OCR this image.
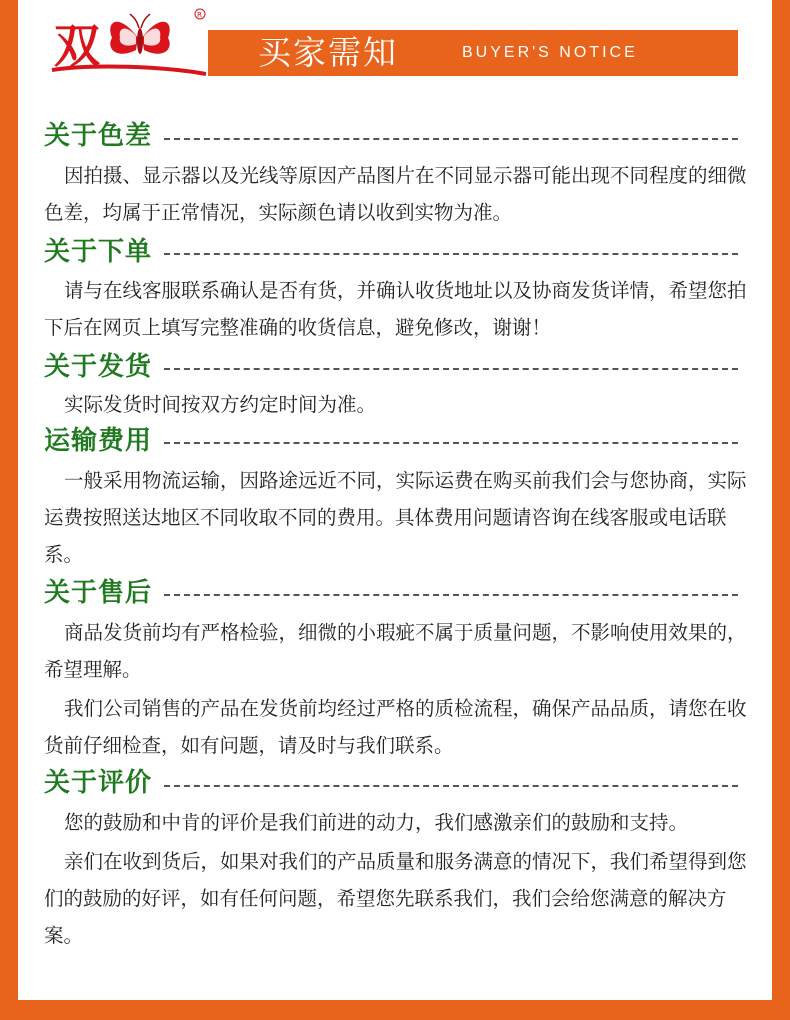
双
R
买家需知	BUYER'S NOTICE
关于色差

因拍摄、显示器以及光线等原因产品图片在不同显示器可能出现不同程度的细微色差，均属于正常情况，实际颜色请以收到实物为准。

关于下单

请与在线客服联系确认是否有货，并确认收货地址以及协商发货详情，希望您拍下后在网页上填写完整准确的收货信息，避免修改，谢谢！

关于发货

实际发货时间按双方约定时间为准。

运输费用

一般采用物流运输，因路途远近不同，实际运费在购买前我们会与您协商，实际运费按照送达地区不同收取不同的费用。具体费用问题请咨询在线客服或电话联系。

关于售后

商品发货前均有严格检验，细微的小瑕疵不属于质量问题，不影响使用效果的，希望理解。

我们公司销售的产品在发货前均经过严格的质检流程，确保产品品质，请您在收货前仔细检查，如有问题，请及时与我们联系。

关于评价

您的鼓励和中肯的评价是我们前进的动力，我们感激亲们的鼓励和支持。

亲们在收到货后，如果对我们的产品质量和服务满意的情况下，我们希望得到您们的鼓励的好评，如有任何问题，希望您先联系我们，我们会给您满意的解决方案。
